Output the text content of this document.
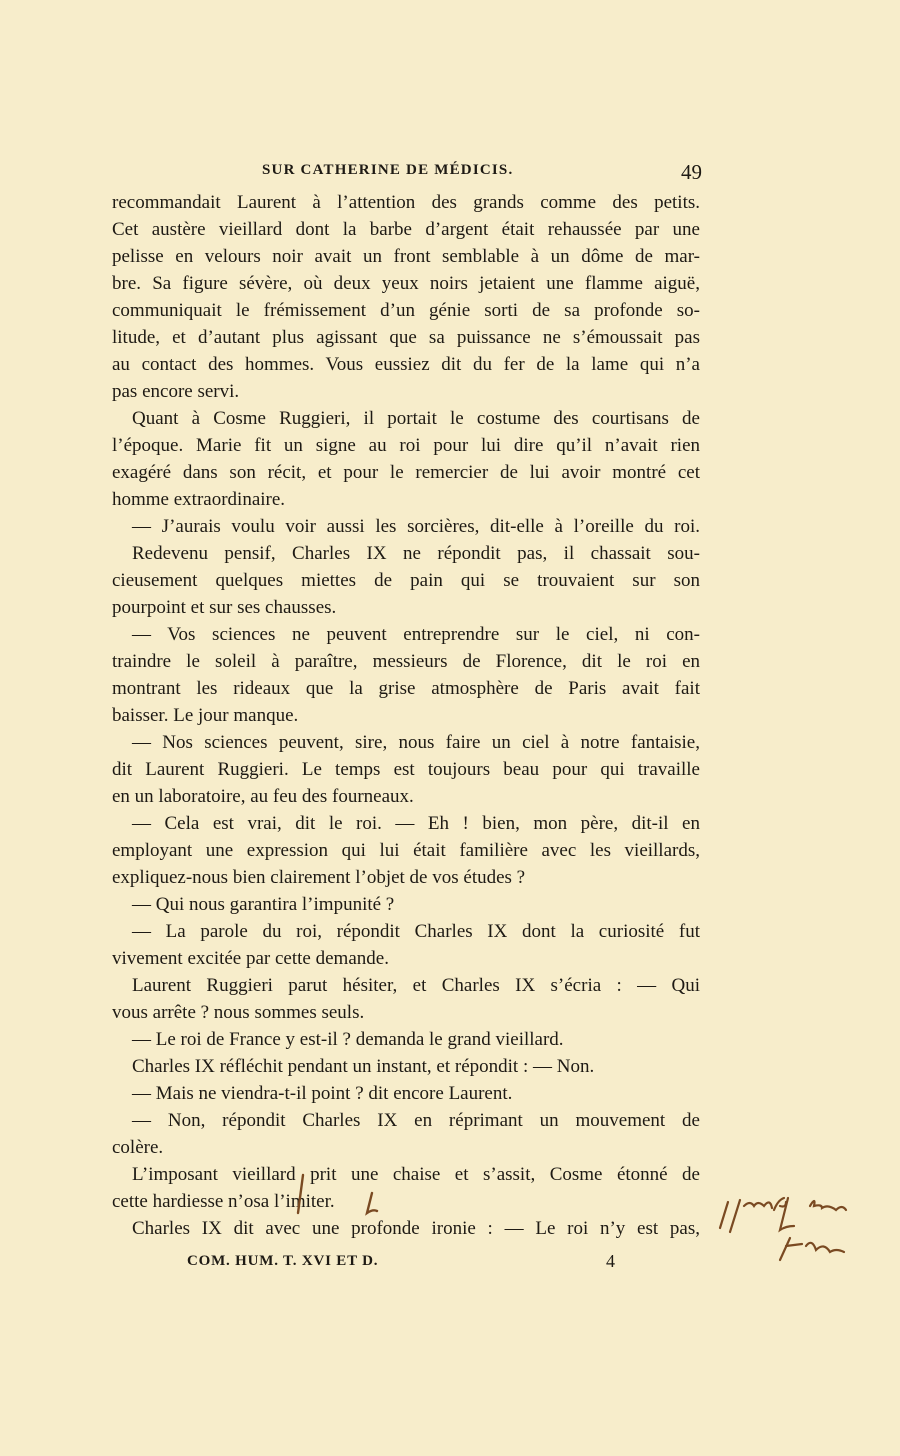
SUR CATHERINE DE MÉDICIS.	49
recommandait Laurent à l’attention des grands comme des petits.
Cet austère vieillard dont la barbe d’argent était rehaussée par une
pelisse en velours noir avait un front semblable à un dôme de mar-
bre. Sa figure sévère, où deux yeux noirs jetaient une flamme aiguë,
communiquait le frémissement d’un génie sorti de sa profonde so-
litude, et d’autant plus agissant que sa puissance ne s’émoussait pas
au contact des hommes. Vous eussiez dit du fer de la lame qui n’a
pas encore servi.
Quant à Cosme Ruggieri, il portait le costume des courtisans de
l’époque. Marie fit un signe au roi pour lui dire qu’il n’avait rien
exagéré dans son récit, et pour le remercier de lui avoir montré cet
homme extraordinaire.
— J’aurais voulu voir aussi les sorcières, dit-elle à l’oreille du roi.
Redevenu pensif, Charles IX ne répondit pas, il chassait sou-
cieusement quelques miettes de pain qui se trouvaient sur son
pourpoint et sur ses chausses.
— Vos sciences ne peuvent entreprendre sur le ciel, ni con-
traindre le soleil à paraître, messieurs de Florence, dit le roi en
montrant les rideaux que la grise atmosphère de Paris avait fait
baisser. Le jour manque.
— Nos sciences peuvent, sire, nous faire un ciel à notre fantaisie,
dit Laurent Ruggieri. Le temps est toujours beau pour qui travaille
en un laboratoire, au feu des fourneaux.
— Cela est vrai, dit le roi. — Eh ! bien, mon père, dit-il en
employant une expression qui lui était familière avec les vieillards,
expliquez-nous bien clairement l’objet de vos études ?
— Qui nous garantira l’impunité ?
— La parole du roi, répondit Charles IX dont la curiosité fut
vivement excitée par cette demande.
Laurent Ruggieri parut hésiter, et Charles IX s’écria : — Qui
vous arrête ? nous sommes seuls.
— Le roi de France y est-il ? demanda le grand vieillard.
Charles IX réfléchit pendant un instant, et répondit : — Non.
— Mais ne viendra-t-il point ? dit encore Laurent.
— Non, répondit Charles IX en réprimant un mouvement de
colère.
L’imposant vieillard prit une chaise et s’assit, Cosme étonné de
cette hardiesse n’osa l’imiter.
Charles IX dit avec une profonde ironie : — Le roi n’y est pas,
COM. HUM. T. XVI ET D.	4
